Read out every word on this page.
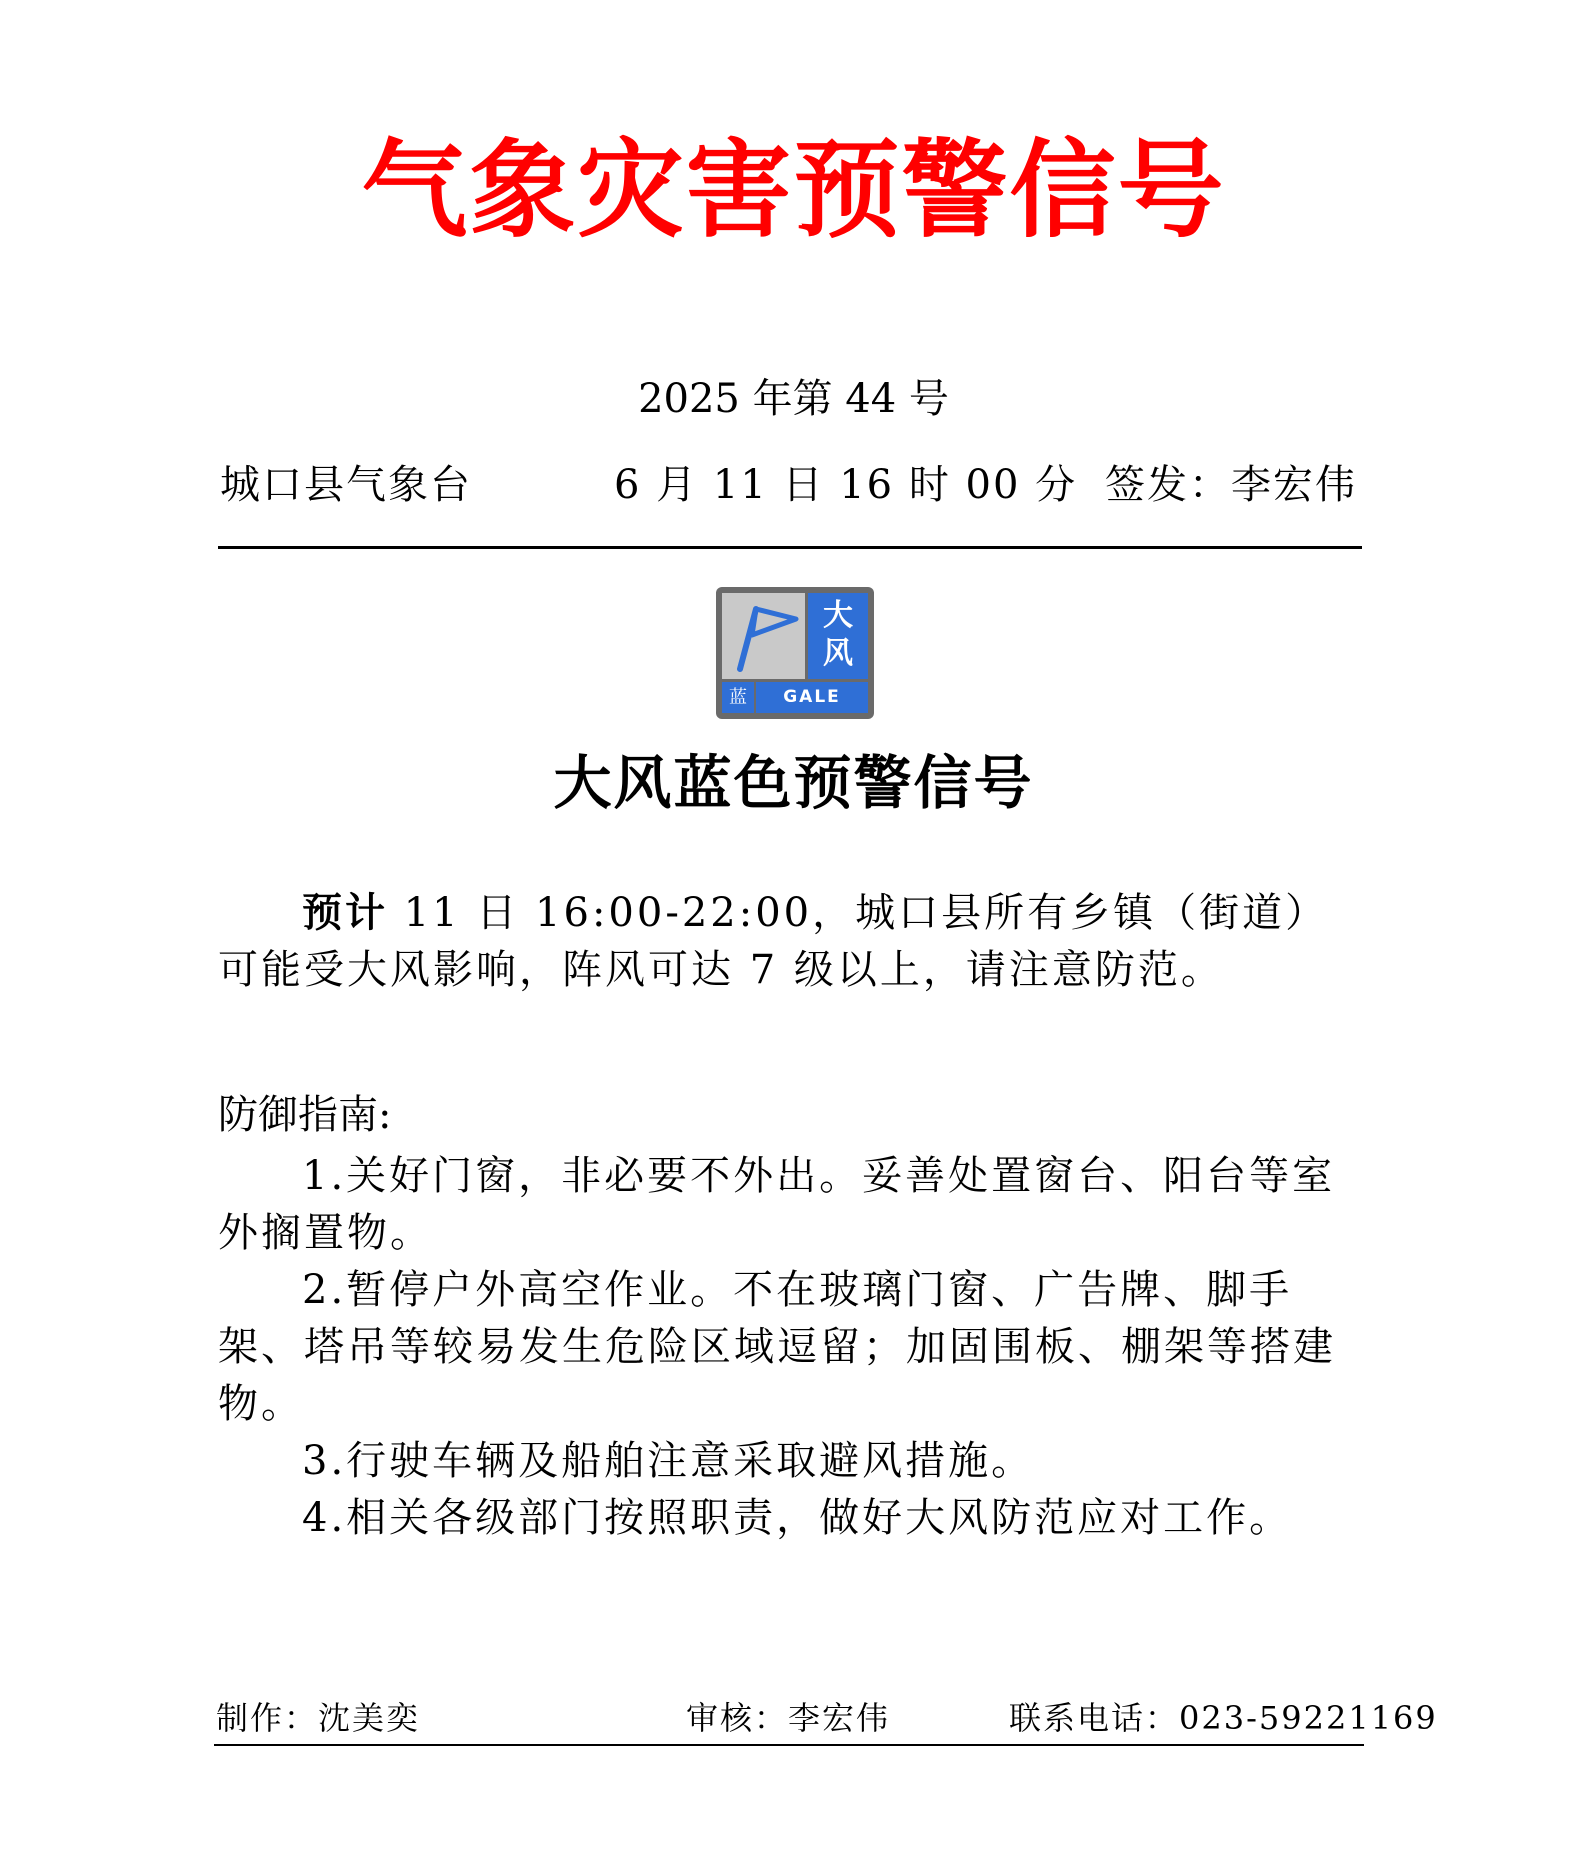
气象灾害预警信号
2025 年第 44 号
城口县气象台	6 月 11 日 16 时 00 分 签发：李宏伟
大
风
蓝	GALE
大风蓝色预警信号
预计 11 日 16:00-22:00，城口县所有乡镇（街道）可能受大风影响，阵风可达 7 级以上，请注意防范。
防御指南:

1.关好门窗，非必要不外出。妥善处置窗台、阳台等室外搁置物。

2.暂停户外高空作业。不在玻璃门窗、广告牌、脚手架、塔吊等较易发生危险区域逗留；加固围板、棚架等搭建物。

3.行驶车辆及船舶注意采取避风措施。

4.相关各级部门按照职责，做好大风防范应对工作。

制作：沈美奕	审核：李宏伟	联系电话：023-59221169
